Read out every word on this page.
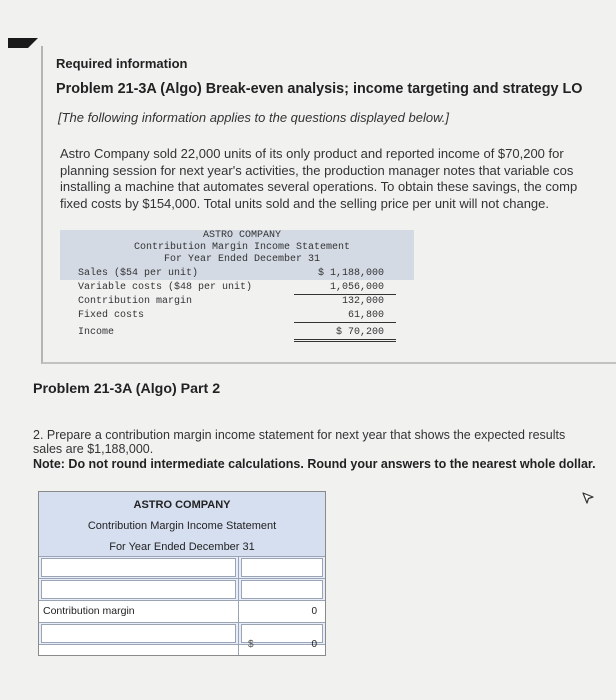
Required information
Problem 21-3A (Algo) Break-even analysis; income targeting and strategy LO
[The following information applies to the questions displayed below.]
Astro Company sold 22,000 units of its only product and reported income of $70,200 for
planning session for next year's activities, the production manager notes that variable cos
installing a machine that automates several operations. To obtain these savings, the comp
fixed costs by $154,000. Total units sold and the selling price per unit will not change.
ASTRO COMPANY
Contribution Margin Income Statement
For Year Ended December 31
Sales ($54 per unit)	$ 1,188,000
Variable costs ($48 per unit)	1,056,000
Contribution margin	132,000
Fixed costs	61,800
Income	$ 70,200
Problem 21-3A (Algo) Part 2
2. Prepare a contribution margin income statement for next year that shows the expected results
sales are $1,188,000.
Note: Do not round intermediate calculations. Round your answers to the nearest whole dollar.
ASTRO COMPANY
Contribution Margin Income Statement
For Year Ended December 31
Contribution margin	0
$	0
